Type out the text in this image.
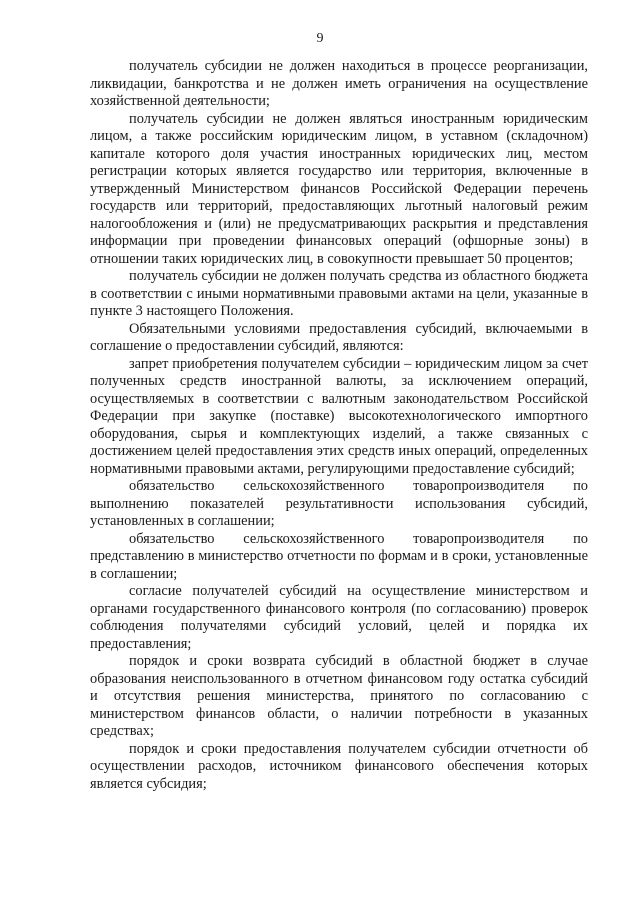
9

получатель субсидии не должен находиться в процессе реорганизации, ликвидации, банкротства и не должен иметь ограничения на осуществление хозяйственной деятельности;

получатель субсидии не должен являться иностранным юридическим лицом, а также российским юридическим лицом, в уставном (складочном) капитале которого доля участия иностранных юридических лиц, местом регистрации которых является государство или территория, включенные в утвержденный Министерством финансов Российской Федерации перечень государств или территорий, предоставляющих льготный налоговый режим налогообложения и (или) не предусматривающих раскрытия и представления информации при проведении финансовых операций (офшорные зоны) в отношении таких юридических лиц, в совокупности превышает 50 процентов;

получатель субсидии не должен получать средства из областного бюджета в соответствии с иными нормативными правовыми актами на цели, указанные в пункте 3 настоящего Положения.

Обязательными условиями предоставления субсидий, включаемыми в соглашение о предоставлении субсидий, являются:

запрет приобретения получателем субсидии – юридическим лицом за счет полученных средств иностранной валюты, за исключением операций, осуществляемых в соответствии с валютным законодательством Российской Федерации при закупке (поставке) высокотехнологического импортного оборудования, сырья и комплектующих изделий, а также связанных с достижением целей предоставления этих средств иных операций, определенных нормативными правовыми актами, регулирующими предоставление субсидий;

обязательство сельскохозяйственного товаропроизводителя по выполнению показателей результативности использования субсидий, установленных в соглашении;

обязательство сельскохозяйственного товаропроизводителя по представлению в министерство отчетности по формам и в сроки, установленные в соглашении;

согласие получателей субсидий на осуществление министерством и органами государственного финансового контроля (по согласованию) проверок соблюдения получателями субсидий условий, целей и порядка их предоставления;

порядок и сроки возврата субсидий в областной бюджет в случае образования неиспользованного в отчетном финансовом году остатка субсидий и отсутствия решения министерства, принятого по согласованию с министерством финансов области, о наличии потребности в указанных средствах;

порядок и сроки предоставления получателем субсидии отчетности об осуществлении расходов, источником финансового обеспечения которых является субсидия;
